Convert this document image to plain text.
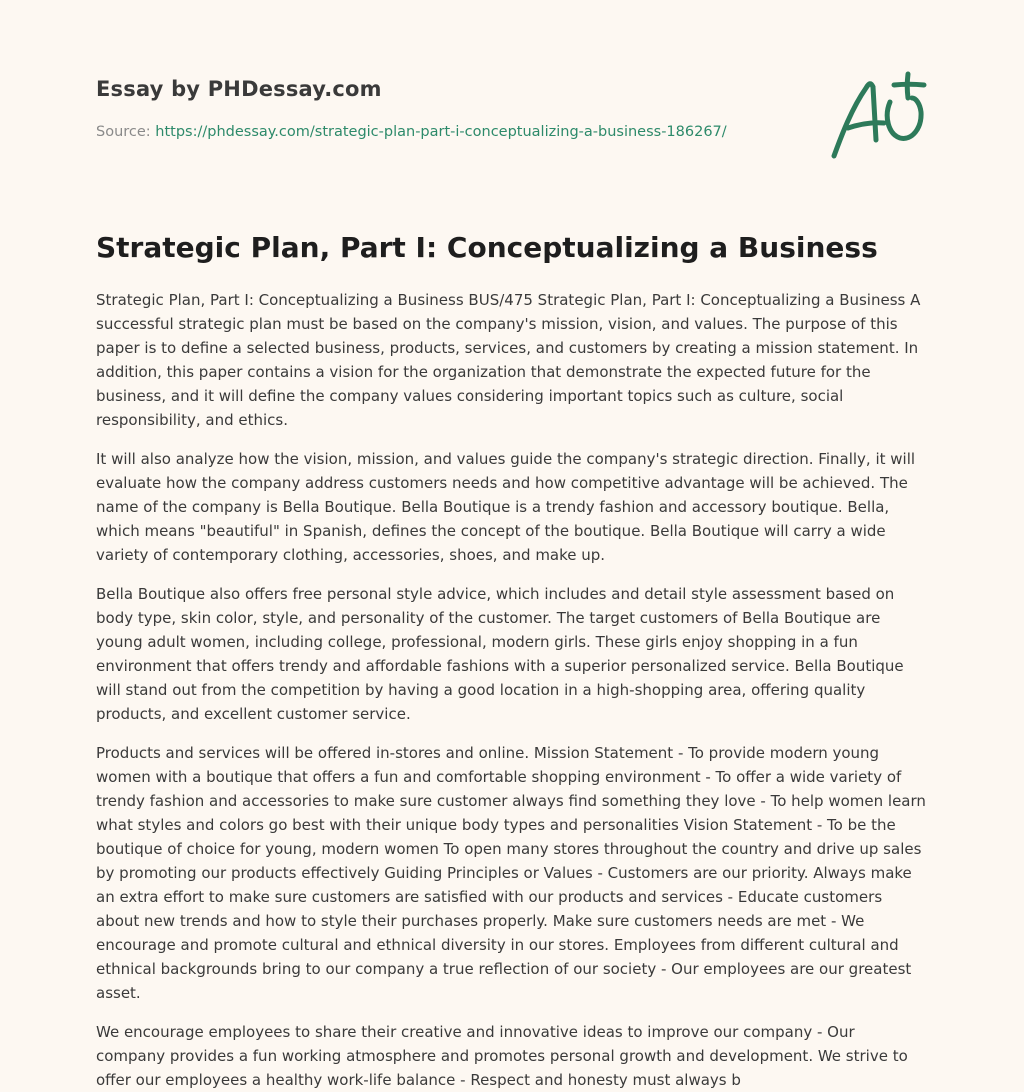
Essay by PHDessay.com
Source: https://phdessay.com/strategic-plan-part-i-conceptualizing-a-business-186267/
Strategic Plan, Part I: Conceptualizing a Business

Strategic Plan, Part I: Conceptualizing a Business BUS/475 Strategic Plan, Part I: Conceptualizing a Business A successful strategic plan must be based on the company's mission, vision, and values. The purpose of this paper is to define a selected business, products, services, and customers by creating a mission statement. In addition, this paper contains a vision for the organization that demonstrate the expected future for the business, and it will define the company values considering important topics such as culture, social responsibility, and ethics.

It will also analyze how the vision, mission, and values guide the company's strategic direction. Finally, it will evaluate how the company address customers needs and how competitive advantage will be achieved. The name of the company is Bella Boutique. Bella Boutique is a trendy fashion and accessory boutique. Bella, which means "beautiful" in Spanish, defines the concept of the boutique. Bella Boutique will carry a wide variety of contemporary clothing, accessories, shoes, and make up.

Bella Boutique also offers free personal style advice, which includes and detail style assessment based on body type, skin color, style, and personality of the customer. The target customers of Bella Boutique are young adult women, including college, professional, modern girls. These girls enjoy shopping in a fun environment that offers trendy and affordable fashions with a superior personalized service. Bella Boutique will stand out from the competition by having a good location in a high-shopping area, offering quality products, and excellent customer service.

Products and services will be offered in-stores and online. Mission Statement - To provide modern young women with a boutique that offers a fun and comfortable shopping environment - To offer a wide variety of trendy fashion and accessories to make sure customer always find something they love - To help women learn what styles and colors go best with their unique body types and personalities Vision Statement - To be the boutique of choice for young, modern women To open many stores throughout the country and drive up sales by promoting our products effectively Guiding Principles or Values - Customers are our priority. Always make an extra effort to make sure customers are satisfied with our products and services - Educate customers about new trends and how to style their purchases properly. Make sure customers needs are met - We encourage and promote cultural and ethnical diversity in our stores. Employees from different cultural and ethnical backgrounds bring to our company a true reflection of our society - Our employees are our greatest asset.

We encourage employees to share their creative and innovative ideas to improve our company - Our company provides a fun working atmosphere and promotes personal growth and development. We strive to offer our employees a healthy work-life balance - Respect and honesty must always b
